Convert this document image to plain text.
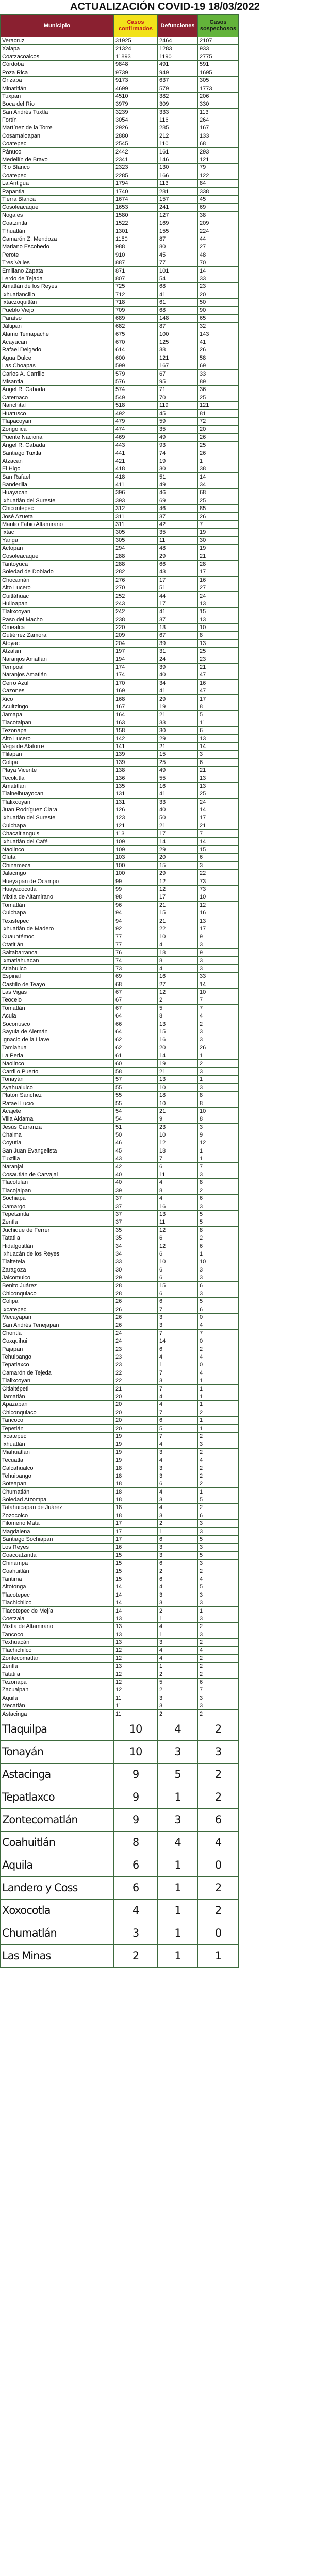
ACTUALIZACIÓN COVID-19 18/03/2022
Municipio	Casos confirmados	Defunciones	Casos sospechosos
Veracruz	31925	2464	2107
Xalapa	21324	1283	933
Coatzacoalcos	11893	1190	2775
Córdoba	9848	491	591
Poza Rica	9739	949	1695
Orizaba	9173	637	305
Minatitlán	4699	579	1773
Tuxpan	4510	382	206
Boca del Río	3979	309	330
San Andrés Tuxtla	3239	333	113
Fortín	3054	116	264
Martínez de la Torre	2926	285	167
Cosamaloapan	2880	212	133
Coatepec	2545	110	68
Pánuco	2442	161	293
Medellín de Bravo	2341	146	121
Río Blanco	2323	130	79
Coatepec	2285	166	122
La Antigua	1794	113	84
Papantla	1740	281	338
Tierra Blanca	1674	157	45
Cosoleacaque	1653	241	69
Nogales	1580	127	38
Coatzintla	1522	169	209
Tihuatlán	1301	155	224
Camarón Z. Mendoza	1150	87	44
Mariano Escobedo	988	80	27
Perote	910	45	48
Tres Valles	887	77	70
Emiliano Zapata	871	101	14
Lerdo de Tejada	807	54	33
Amatlán de los Reyes	725	68	23
Ixhuatlancillo	712	41	20
Ixtaczoquitlán	718	61	50
Pueblo Viejo	709	68	90
Paraíso	689	148	65
Jáltipan	682	87	32
Álamo Temapache	675	100	143
Acayucan	670	125	41
Rafael Delgado	614	38	26
Agua Dulce	600	121	58
Las Choapas	599	167	69
Carlos A. Carrillo	579	67	33
Misantla	576	95	89
Ángel R. Cabada	574	71	36
Catemaco	549	70	25
Nanchital	518	119	121
Huatusco	492	45	81
Tlapacoyan	479	59	72
Zongolica	474	35	20
Puente Nacional	469	49	26
Ángel R. Cabada	443	93	25
Santiago Tuxtla	441	74	26
Atzacan	421	19	1
El Higo	418	30	38
San Rafael	418	51	14
Banderilla	411	49	34
Huayacan	396	46	68
Ixhuatlán del Sureste	393	69	25
Chicontepec	312	46	85
José Azueta	311	37	26
Manlio Fabio Altamirano	311	42	7
Ixtac	305	35	19
Yanga	305	11	30
Actopan	294	48	19
Cosoleacaque	288	29	21
Tantoyuca	288	66	28
Soledad de Doblado	282	43	17
Chocamán	276	17	16
Alto Lucero	270	51	27
Cuitláhuac	252	44	24
Huiloapan	243	17	13
Tlalixcoyan	242	41	15
Paso del Macho	238	37	13
Omealca	220	13	10
Gutiérrez Zamora	209	67	8
Atoyac	204	39	13
Atzalan	197	31	25
Naranjos Amatlán	194	24	23
Tempoal	174	39	21
Naranjos Amatlán	174	40	47
Cerro Azul	170	34	16
Cazones	169	41	47
Xico	168	29	17
Acultzingo	167	19	8
Jamapa	164	21	5
Tlacotalpan	163	33	11
Tezonapa	158	30	6
Alto Lucero	142	29	13
Vega de Alatorre	141	21	14
Tlilapan	139	15	3
Colipa	139	25	6
Playa Vicente	138	49	21
Tecolutla	136	55	13
Amatitlán	135	16	13
Tlalnelhuayocan	131	41	25
Tlalixcoyan	131	33	24
Juan Rodríguez Clara	126	40	14
Ixhuatlán del Sureste	123	50	17
Cuichapa	121	21	21
Chacaltianguis	113	17	7
Ixhuatlán del Café	109	14	14
Naolinco	109	29	15
Oluta	103	20	6
Chinameca	100	15	3
Jalacingo	100	29	22
Hueyapan de Ocampo	99	12	73
Huayacocotla	99	12	73
Mixtla de Altamirano	98	17	10
Tomatlán	96	21	12
Cuichapa	94	15	16
Texistepec	94	21	13
Ixhuatlán de Madero	92	22	17
Cuauhtémoc	77	10	9
Otatitlán	77	4	3
Saltabarranca	76	18	9
Ixmatlahuacan	74	8	3
Atlahuilco	73	4	3
Espinal	69	16	33
Castillo de Teayo	68	27	14
Las Vigas	67	12	10
Teocelo	67	2	7
Tomatlán	67	5	7
Acula	64	8	4
Soconusco	66	13	2
Sayula de Alemán	64	15	3
Ignacio de la Llave	62	16	3
Tamiahua	62	20	26
La Perla	61	14	1
Naolinco	60	19	2
Carrillo Puerto	58	21	3
Tonayán	57	13	1
Ayahualulco	55	10	3
Platón Sánchez	55	18	8
Rafael Lucio	55	10	8
Acajete	54	21	10
Villa Aldama	54	9	8
Jesús Carranza	51	23	3
Chalma	50	10	9
Coyutla	46	12	12
San Juan Evangelista	45	18	1
Tuxtilla	43	7	1
Naranjal	42	6	7
Cosautlán de Carvajal	40	11	3
Tlacolulan	40	4	8
Tlacojalpan	39	8	2
Sochiapa	37	4	6
Camargo	37	16	3
Tepetzintla	37	13	5
Zentla	37	11	5
Juchique de Ferrer	35	12	8
Tatatila	35	6	2
Hidalgotitlán	34	12	6
Ixhuacán de los Reyes	34	6	1
Tlaltetela	33	10	10
Zaragoza	30	6	3
Jalcomulco	29	6	3
Benito Juárez	28	15	6
Chiconquiaco	28	6	3
Colipa	26	6	5
Ixcatepec	26	7	6
Mecayapan	26	3	0
San Andrés Tenejapan	26	3	4
Chontla	24	7	7
Coxquihui	24	14	0
Pajapan	23	6	2
Tehuipango	23	4	4
Tepatlaxco	23	1	0
Camarón de Tejeda	22	7	4
Tlalixcoyan	22	3	1
Citlaltépetl	21	7	1
Ilamatlán	20	4	1
Apazapan	20	4	1
Chiconquiaco	20	7	2
Tancoco	20	6	1
Tepetlán	20	5	1
Ixcatepec	19	7	2
Ixhuatlán	19	4	3
Miahuatlán	19	3	2
Tecuatla	19	4	4
Calcahualco	18	3	2
Tehuipango	18	3	2
Soteapan	18	6	2
Chumatlán	18	4	1
Soledad Atzompa	18	3	5
Tatahuicapan de Juárez	18	4	2
Zozocolco	18	3	6
Filomeno Mata	17	2	3
Magdalena	17	1	3
Santiago Sochiapan	17	6	5
Los Reyes	16	3	3
Coacoatzintla	15	3	5
Chinampa	15	6	3
Coahuitlán	15	2	2
Tantima	15	6	4
Altotonga	14	4	5
Tlacotepec	14	3	3
Tlachichilco	14	3	3
Tlacotepec de Mejía	14	2	1
Coetzala	13	1	3
Mixtla de Altamirano	13	4	2
Tancoco	13	1	3
Texhuacán	13	3	2
Tlachichilco	12	4	4
Zontecomatlán	12	4	2
Zentla	13	1	2
Tatatila	12	2	2
Tezonapa	12	5	6
Zacualpan	12	2	7
Aquila	11	3	3
Mecatlán	11	3	3
Astacinga	11	2	2
Tlaquilpa	10	4	2
Tonayán	10	3	3
Astacinga	9	5	2
Tepatlaxco	9	1	2
Zontecomatlán	9	3	6
Coahuitlán	8	4	4
Aquila	6	1	0
Landero y Coss	6	1	2
Xoxocotla	4	1	2
Chumatlán	3	1	0
Las Minas	2	1	1
